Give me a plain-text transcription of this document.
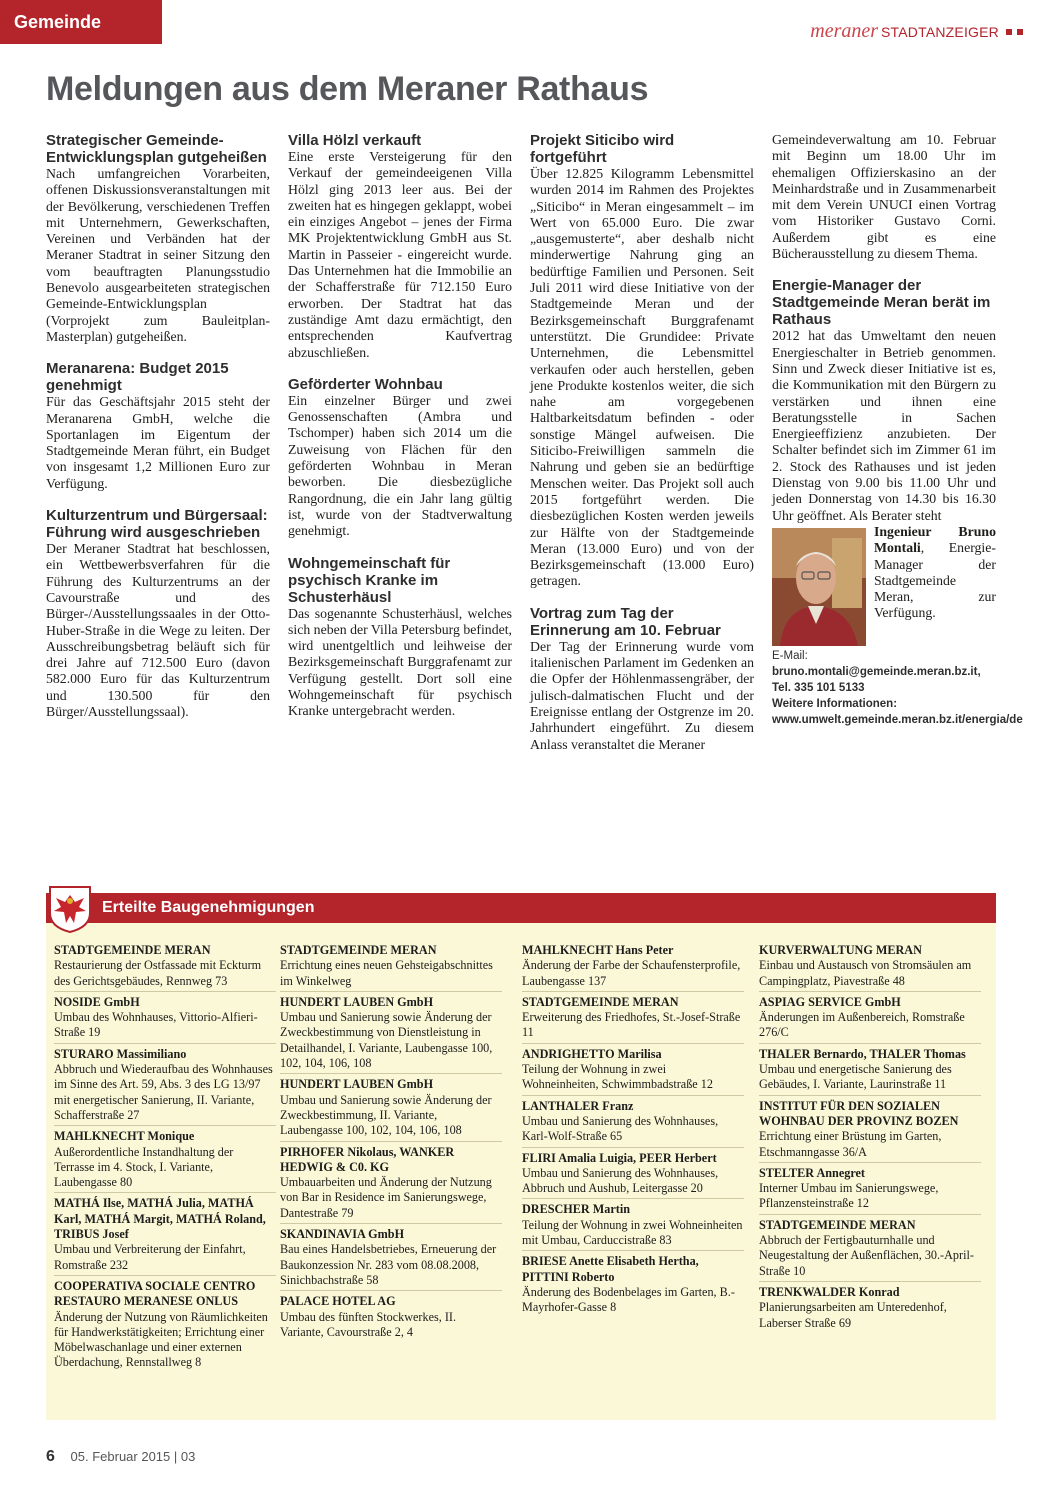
Gemeinde	meraner STADTANZEIGER
Meldungen aus dem Meraner Rathaus
Strategischer Gemeinde-Entwicklungsplan gutgeheißen

Nach umfangreichen Vorarbeiten, offenen Diskussionsveranstaltungen mit der Bevölkerung, verschiedenen Treffen mit Unternehmern, Gewerkschaften, Vereinen und Verbänden hat der Meraner Stadtrat in seiner Sitzung den vom beauftragten Planungsstudio Benevolo ausgearbeiteten strategischen Gemeinde-Entwicklungsplan (Vorprojekt zum Bauleitplan-Masterplan) gutgeheißen.

Meranarena: Budget 2015 genehmigt

Für das Geschäftsjahr 2015 steht der Meranarena GmbH, welche die Sportanlagen im Eigentum der Stadtgemeinde Meran führt, ein Budget von insgesamt 1,2 Millionen Euro zur Verfügung.

Kulturzentrum und Bürgersaal: Führung wird ausgeschrieben

Der Meraner Stadtrat hat beschlossen, ein Wettbewerbsverfahren für die Führung des Kulturzentrums an der Cavourstraße und des Bürger-/Ausstellungssaales in der Otto-Huber-Straße in die Wege zu leiten. Der Ausschreibungsbetrag beläuft sich für drei Jahre auf 712.500 Euro (davon 582.000 Euro für das Kulturzentrum und 130.500 für den Bürger/Ausstellungssaal).

Villa Hölzl verkauft

Eine erste Versteigerung für den Verkauf der gemeindeeigenen Villa Hölzl ging 2013 leer aus. Bei der zweiten hat es hingegen geklappt, wobei ein einziges Angebot – jenes der Firma MK Projektentwicklung GmbH aus St. Martin in Passeier - eingereicht wurde. Das Unternehmen hat die Immobilie an der Schafferstraße für 712.150 Euro erworben. Der Stadtrat hat das zuständige Amt dazu ermächtigt, den entsprechenden Kaufvertrag abzuschließen.

Geförderter Wohnbau

Ein einzelner Bürger und zwei Genossenschaften (Ambra und Tschomper) haben sich 2014 um die Zuweisung von Flächen für den geförderten Wohnbau in Meran beworben. Die diesbezügliche Rangordnung, die ein Jahr lang gültig ist, wurde von der Stadtverwaltung genehmigt.

Wohngemeinschaft für psychisch Kranke im Schusterhäusl

Das sogenannte Schusterhäusl, welches sich neben der Villa Petersburg befindet, wird unentgeltlich und leihweise der Bezirksgemeinschaft Burggrafenamt zur Verfügung gestellt. Dort soll eine Wohngemeinschaft für psychisch Kranke untergebracht werden.

Projekt Siticibo wird fortgeführt

Über 12.825 Kilogramm Lebensmittel wurden 2014 im Rahmen des Projektes „Siticibo“ in Meran eingesammelt – im Wert von 65.000 Euro. Die zwar „ausgemusterte“, aber deshalb nicht minderwertige Nahrung ging an bedürftige Familien und Personen. Seit Juli 2011 wird diese Initiative von der Stadtgemeinde Meran und der Bezirksgemeinschaft Burggrafenamt unterstützt. Die Grundidee: Private Unternehmen, die Lebensmittel verkaufen oder auch herstellen, geben jene Produkte kostenlos weiter, die sich nahe am vorgegebenen Haltbarkeitsdatum befinden - oder sonstige Mängel aufweisen. Die Siticibo-Freiwilligen sammeln die Nahrung und geben sie an bedürftige Menschen weiter. Das Projekt soll auch 2015 fortgeführt werden. Die diesbezüglichen Kosten werden jeweils zur Hälfte von der Stadtgemeinde Meran (13.000 Euro) und von der Bezirksgemeinschaft (13.000 Euro) getragen.

Vortrag zum Tag der Erinnerung am 10. Februar

Der Tag der Erinnerung wurde vom italienischen Parlament im Gedenken an die Opfer der Höhlenmassengräber, der julisch-dalmatischen Flucht und der Ereignisse entlang der Ostgrenze im 20. Jahrhundert eingeführt. Zu diesem Anlass veranstaltet die Meraner

Gemeindeverwaltung am 10. Februar mit Beginn um 18.00 Uhr im ehemaligen Offizierskasino an der Meinhardstraße und in Zusammenarbeit mit dem Verein UNUCI einen Vortrag vom Historiker Gustavo Corni. Außerdem gibt es eine Bücherausstellung zu diesem Thema.

Energie-Manager der Stadtgemeinde Meran berät im Rathaus

2012 hat das Umweltamt den neuen Energieschalter in Betrieb genommen. Sinn und Zweck dieser Initiative ist es, die Kommunikation mit den Bürgern zu verstärken und ihnen eine Beratungsstelle in Sachen Energieeffizienz anzubieten. Der Schalter befindet sich im Zimmer 61 im 2. Stock des Rathauses und ist jeden Dienstag von 9.00 bis 11.00 Uhr und jeden Donnerstag von 14.30 bis 16.30 Uhr geöffnet. Als Berater steht

Ingenieur Bruno Montali, Energie-Manager der Stadtgemeinde Meran, zur Verfügung.

E-Mail:
bruno.montali@gemeinde.meran.bz.it,
Tel. 335 101 5133
Weitere Informationen:
www.umwelt.gemeinde.meran.bz.it/energia/de
Erteilte Baugenehmigungen
STADTGEMEINDE MERAN
Restaurierung der Ostfassade mit Eckturm des Gerichtsgebäudes, Rennweg 73
NOSIDE GmbH
Umbau des Wohnhauses, Vittorio-Alfieri-Straße 19
STURARO Massimiliano
Abbruch und Wiederaufbau des Wohnhauses im Sinne des Art. 59, Abs. 3 des LG 13/97 mit energetischer Sanierung, II. Variante, Schafferstraße 27
MAHLKNECHT Monique
Außerordentliche Instandhaltung der Terrasse im 4. Stock, I. Variante, Laubengasse 80
MATHÁ Ilse, MATHÁ Julia, MATHÁ Karl, MATHÁ Margit, MATHÁ Roland, TRIBUS Josef
Umbau und Verbreiterung der Einfahrt, Romstraße 232
COOPERATIVA SOCIALE CENTRO RESTAURO MERANESE ONLUS
Änderung der Nutzung von Räumlichkeiten für Handwerkstätigkeiten; Errichtung einer Möbelwaschanlage und einer externen Überdachung, Rennstallweg 8
STADTGEMEINDE MERAN
Errichtung eines neuen Gehsteigabschnittes im Winkelweg
HUNDERT LAUBEN GmbH
Umbau und Sanierung sowie Änderung der Zweckbestimmung von Dienstleistung in Detailhandel, I. Variante, Laubengasse 100, 102, 104, 106, 108
HUNDERT LAUBEN GmbH
Umbau und Sanierung sowie Änderung der Zweckbestimmung, II. Variante, Laubengasse 100, 102, 104, 106, 108
PIRHOFER Nikolaus, WANKER HEDWIG & C0. KG
Umbauarbeiten und Änderung der Nutzung von Bar in Residence im Sanierungswege, Dantestraße 79
SKANDINAVIA GmbH
Bau eines Handelsbetriebes, Erneuerung der Baukonzession Nr. 283 vom 08.08.2008, Sinichbachstraße 58
PALACE HOTEL AG
Umbau des fünften Stockwerkes, II. Variante, Cavourstraße 2, 4
MAHLKNECHT Hans Peter
Änderung der Farbe der Schaufensterprofile, Laubengasse 137
STADTGEMEINDE MERAN
Erweiterung des Friedhofes, St.-Josef-Straße 11
ANDRIGHETTO Marilisa
Teilung der Wohnung in zwei Wohneinheiten, Schwimmbadstraße 12
LANTHALER Franz
Umbau und Sanierung des Wohnhauses, Karl-Wolf-Straße 65
FLIRI Amalia Luigia, PEER Herbert
Umbau und Sanierung des Wohnhauses, Abbruch und Aushub, Leitergasse 20
DRESCHER Martin
Teilung der Wohnung in zwei Wohneinheiten mit Umbau, Carduccistraße 83
BRIESE Anette Elisabeth Hertha, PITTINI Roberto
Änderung des Bodenbelages im Garten, B.-Mayrhofer-Gasse 8
KURVERWALTUNG MERAN
Einbau und Austausch von Stromsäulen am Campingplatz, Piavestraße 48
ASPIAG SERVICE GmbH
Änderungen im Außenbereich, Romstraße 276/C
THALER Bernardo, THALER Thomas
Umbau und energetische Sanierung des Gebäudes, I. Variante, Laurinstraße 11
INSTITUT FÜR DEN SOZIALEN WOHNBAU DER PROVINZ BOZEN
Errichtung einer Brüstung im Garten, Etschmanngasse 36/A
STELTER Annegret
Interner Umbau im Sanierungswege, Pflanzensteinstraße 12
STADTGEMEINDE MERAN
Abbruch der Fertigbauturnhalle und Neugestaltung der Außenflächen, 30.-April-Straße 10
TRENKWALDER Konrad
Planierungsarbeiten am Unteredenhof, Laberser Straße 69
6 05. Februar 2015 | 03
